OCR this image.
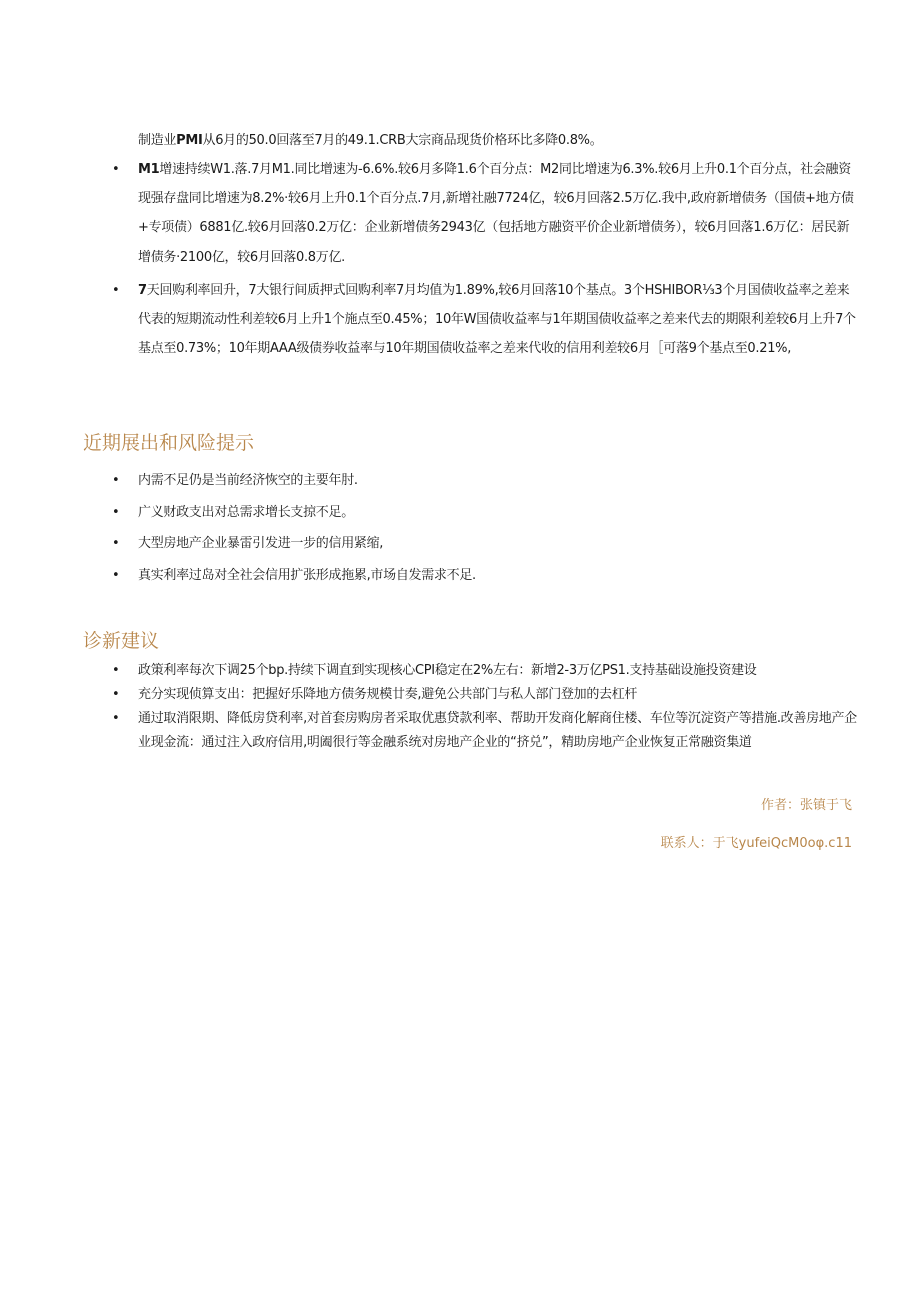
制造业PMI从6月的50.0回落至7月的49.1.CRB大宗商品现货价格环比多降0.8%。

• M1增速持续W1.落.7月M1.同比增速为-6.6%.较6月多降1.6个百分点：M2同比增速为6.3%.较6月上升0.1个百分点，社会融资现强存盘同比增速为8.2%·较6月上升0.1个百分点.7月,新增社融7724亿，较6月回落2.5万亿.我中,政府新增债务（国债+地方债+专项债）6881亿.较6月回落0.2万亿：企业新增债务2943亿（包括地方融资平价企业新增债务），较6月回落1.6万亿：居民新增债务·2100亿，较6月回落0.8万亿.
• 7天回购利率回升，7大银行间质押式回购利率7月均值为1.89%,较6月回落10个基点。3个HSHIBOR⅓3个月国债收益率之差来代表的短期流动性利差较6月上升1个施点至0.45%；10年W国债收益率与1年期国债收益率之差来代去的期限利差较6月上升7个基点至0.73%；10年期AAA级债券收益率与10年期国债收益率之差来代收的信用利差较6月［可落9个基点至0.21%,
近期展出和风险提示
• 内需不足仍是当前经济恢空的主要年肘.
• 广义财政支出对总需求增长支掠不足。
• 大型房地产企业暴雷引发进一步的信用紧缩,
• 真实利率过岛对全社会信用扩张形成拖累,市场自发需求不足.
诊新建议
• 政策利率每次下调25个bp.持续下调直到实现核心CPI稳定在2%左右：新增2-3万亿PS1.支持基础设施投资建设
• 充分实现侦算支出：把握好乐降地方债务规模廿奏,避免公共部门与私人部门登加的去杠杆
• 通过取消限期、降低房贷利率,对首套房购房者采取优惠贷款利率、帮助开发商化解商住楼、车位等沉淀资产等措施.改善房地产企业现金流：通过注入政府信用,明阖很行等金融系统对房地产企业的“挤兑”，精助房地产企业恢复正常融资集道
作者：张镇于飞
联系人：于飞yufeiQcM0oφ.c11
